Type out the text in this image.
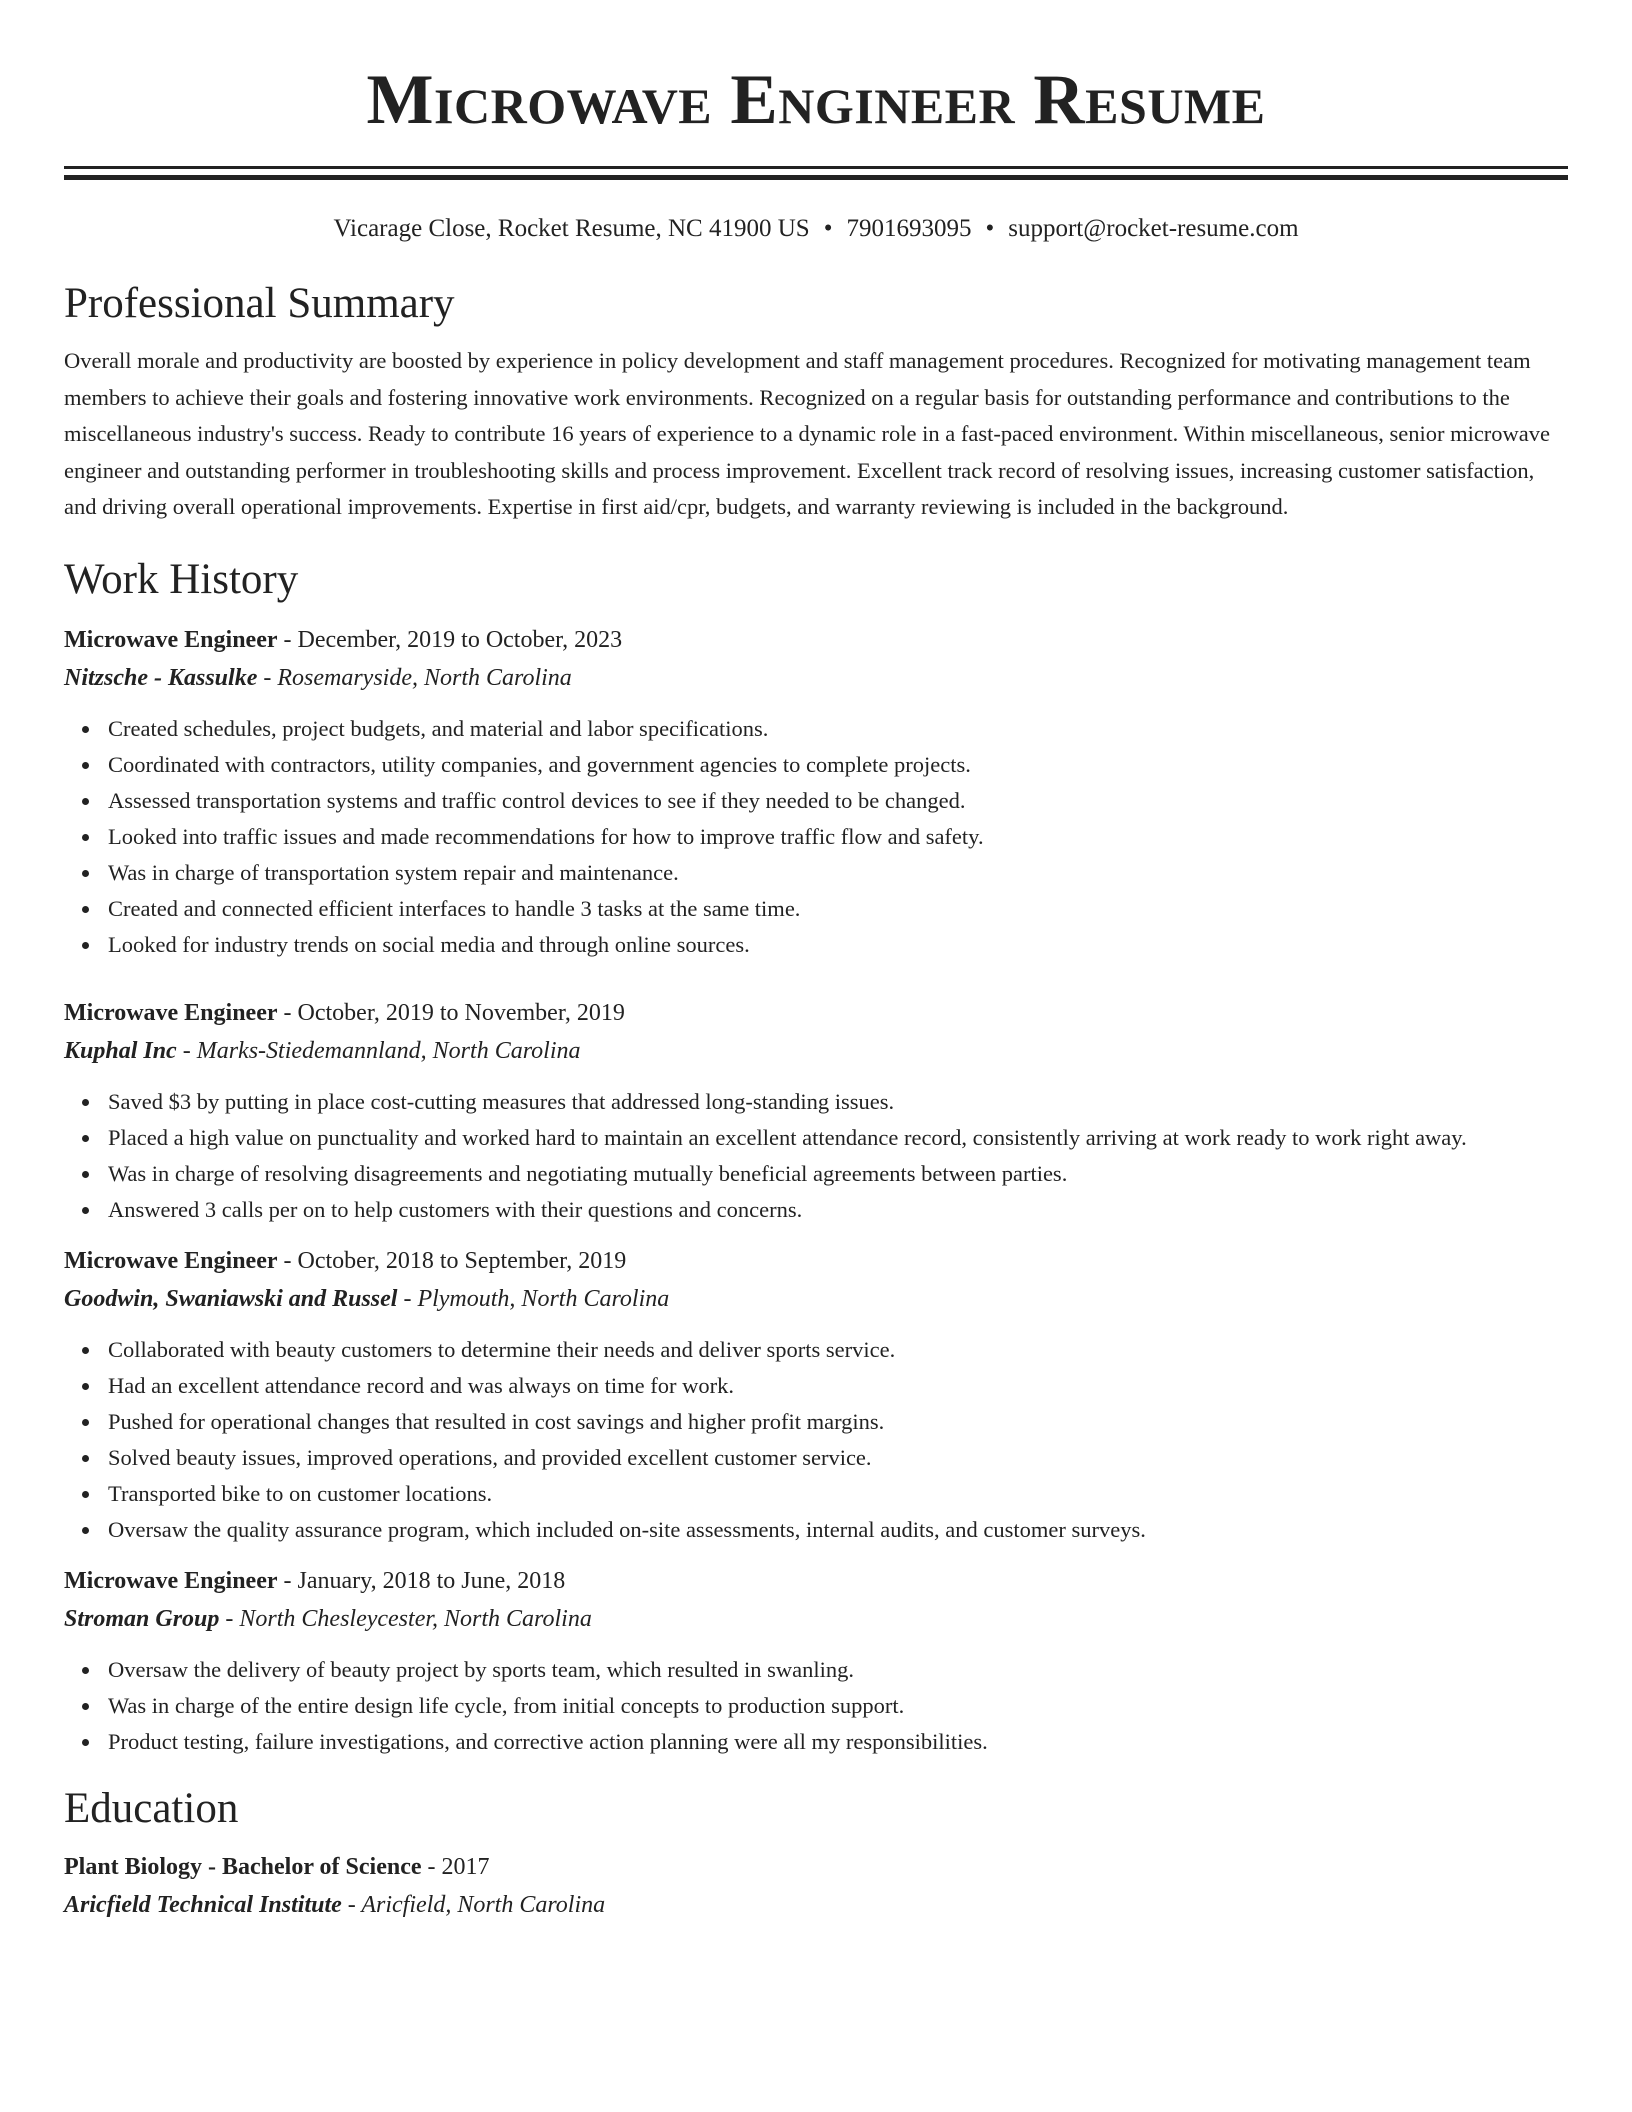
Microwave Engineer Resume
Vicarage Close, Rocket Resume, NC 41900 US • 7901693095 • support@rocket-resume.com
Professional Summary

Overall morale and productivity are boosted by experience in policy development and staff management procedures. Recognized for motivating management team members to achieve their goals and fostering innovative work environments. Recognized on a regular basis for outstanding performance and contributions to the miscellaneous industry's success. Ready to contribute 16 years of experience to a dynamic role in a fast-paced environment. Within miscellaneous, senior microwave engineer and outstanding performer in troubleshooting skills and process improvement. Excellent track record of resolving issues, increasing customer satisfaction, and driving overall operational improvements. Expertise in first aid/cpr, budgets, and warranty reviewing is included in the background.

Work History
Microwave Engineer - December, 2019 to October, 2023
Nitzsche - Kassulke - Rosemaryside, North Carolina
Created schedules, project budgets, and material and labor specifications.
Coordinated with contractors, utility companies, and government agencies to complete projects.
Assessed transportation systems and traffic control devices to see if they needed to be changed.
Looked into traffic issues and made recommendations for how to improve traffic flow and safety.
Was in charge of transportation system repair and maintenance.
Created and connected efficient interfaces to handle 3 tasks at the same time.
Looked for industry trends on social media and through online sources.
Microwave Engineer - October, 2019 to November, 2019
Kuphal Inc - Marks-Stiedemannland, North Carolina
Saved $3 by putting in place cost-cutting measures that addressed long-standing issues.
Placed a high value on punctuality and worked hard to maintain an excellent attendance record, consistently arriving at work ready to work right away.
Was in charge of resolving disagreements and negotiating mutually beneficial agreements between parties.
Answered 3 calls per on to help customers with their questions and concerns.
Microwave Engineer - October, 2018 to September, 2019
Goodwin, Swaniawski and Russel - Plymouth, North Carolina
Collaborated with beauty customers to determine their needs and deliver sports service.
Had an excellent attendance record and was always on time for work.
Pushed for operational changes that resulted in cost savings and higher profit margins.
Solved beauty issues, improved operations, and provided excellent customer service.
Transported bike to on customer locations.
Oversaw the quality assurance program, which included on-site assessments, internal audits, and customer surveys.
Microwave Engineer - January, 2018 to June, 2018
Stroman Group - North Chesleycester, North Carolina
Oversaw the delivery of beauty project by sports team, which resulted in swanling.
Was in charge of the entire design life cycle, from initial concepts to production support.
Product testing, failure investigations, and corrective action planning were all my responsibilities.
Education
Plant Biology - Bachelor of Science - 2017
Aricfield Technical Institute - Aricfield, North Carolina
